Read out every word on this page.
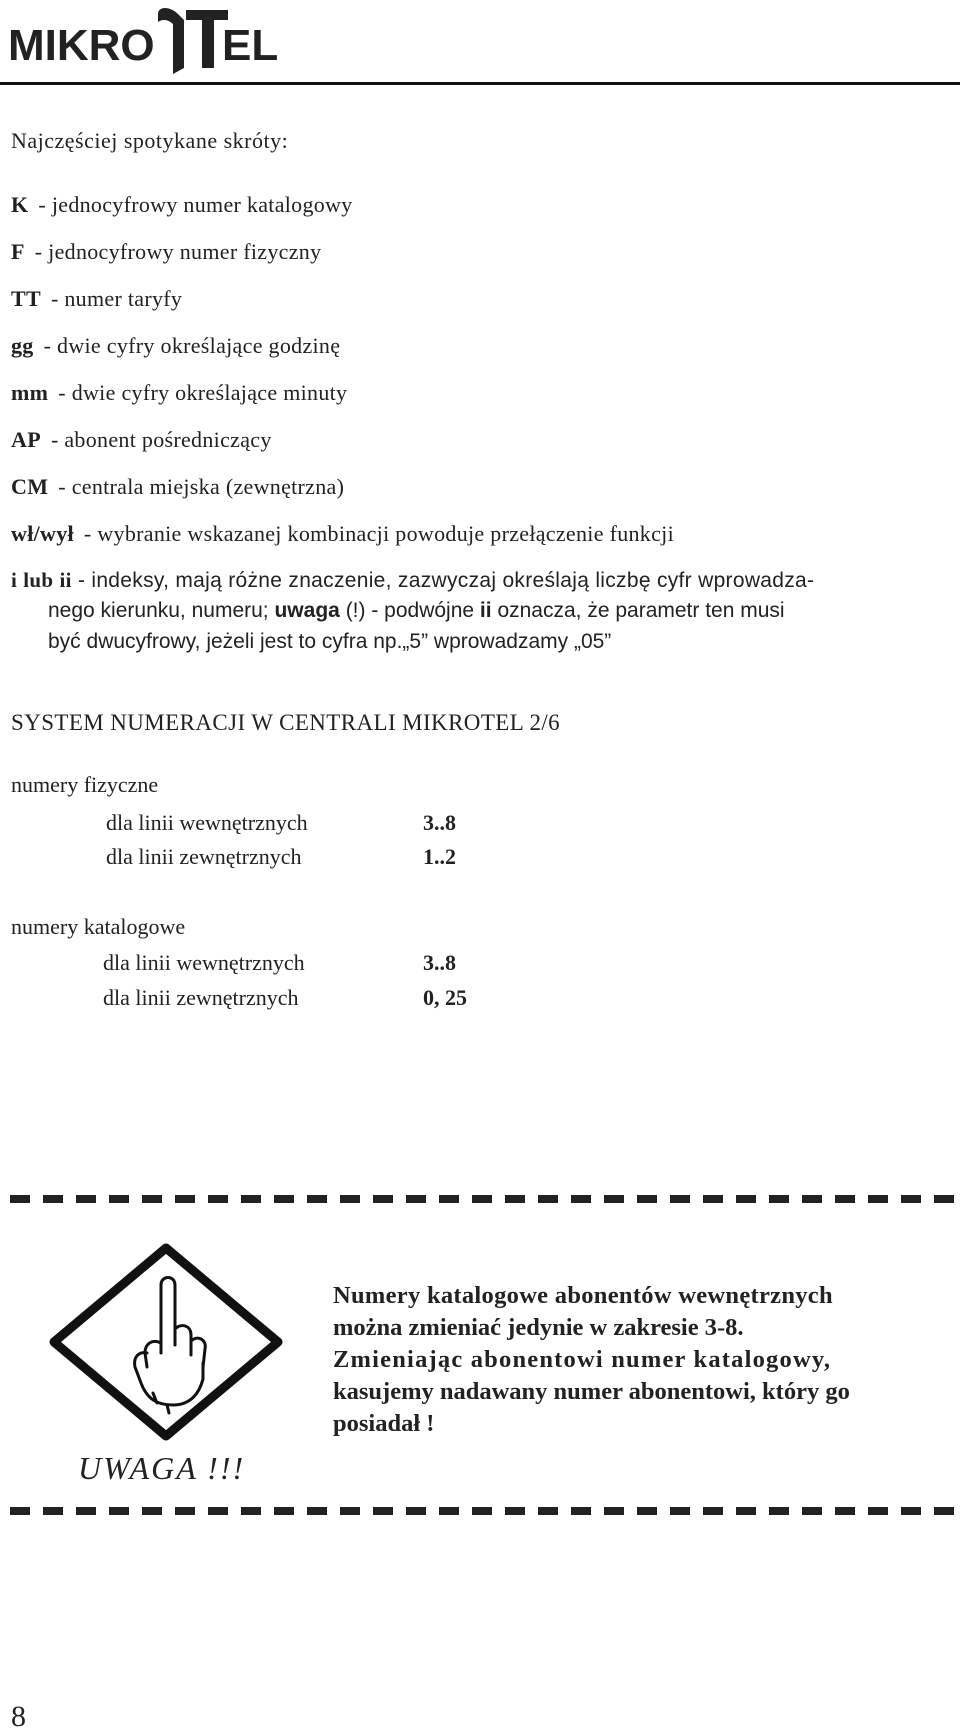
MIKRO EL
Najczęściej spotykane skróty:
K - jednocyfrowy numer katalogowy
F - jednocyfrowy numer fizyczny
TT - numer taryfy
gg - dwie cyfry określające godzinę
mm - dwie cyfry określające minuty
AP - abonent pośredniczący
CM - centrala miejska (zewnętrzna)
wł/wył - wybranie wskazanej kombinacji powoduje przełączenie funkcji
i lub ii - indeksy, mają różne znaczenie, zazwyczaj określają liczbę cyfr wprowadza-
nego kierunku, numeru; uwaga (!) - podwójne ii oznacza, że parametr ten musi
być dwucyfrowy, jeżeli jest to cyfra np.„5” wprowadzamy „05”
SYSTEM NUMERACJI W CENTRALI MIKROTEL 2/6
numery fizyczne
dla linii wewnętrznych	3..8
dla linii zewnętrznych	1..2
numery katalogowe
dla linii wewnętrznych	3..8
dla linii zewnętrznych	0, 25
Numery katalogowe abonentów wewnętrznych
można zmieniać jedynie w zakresie 3-8.
Zmieniając abonentowi numer katalogowy,
kasujemy nadawany numer abonentowi, który go
posiadał !
UWAGA !!!
8
